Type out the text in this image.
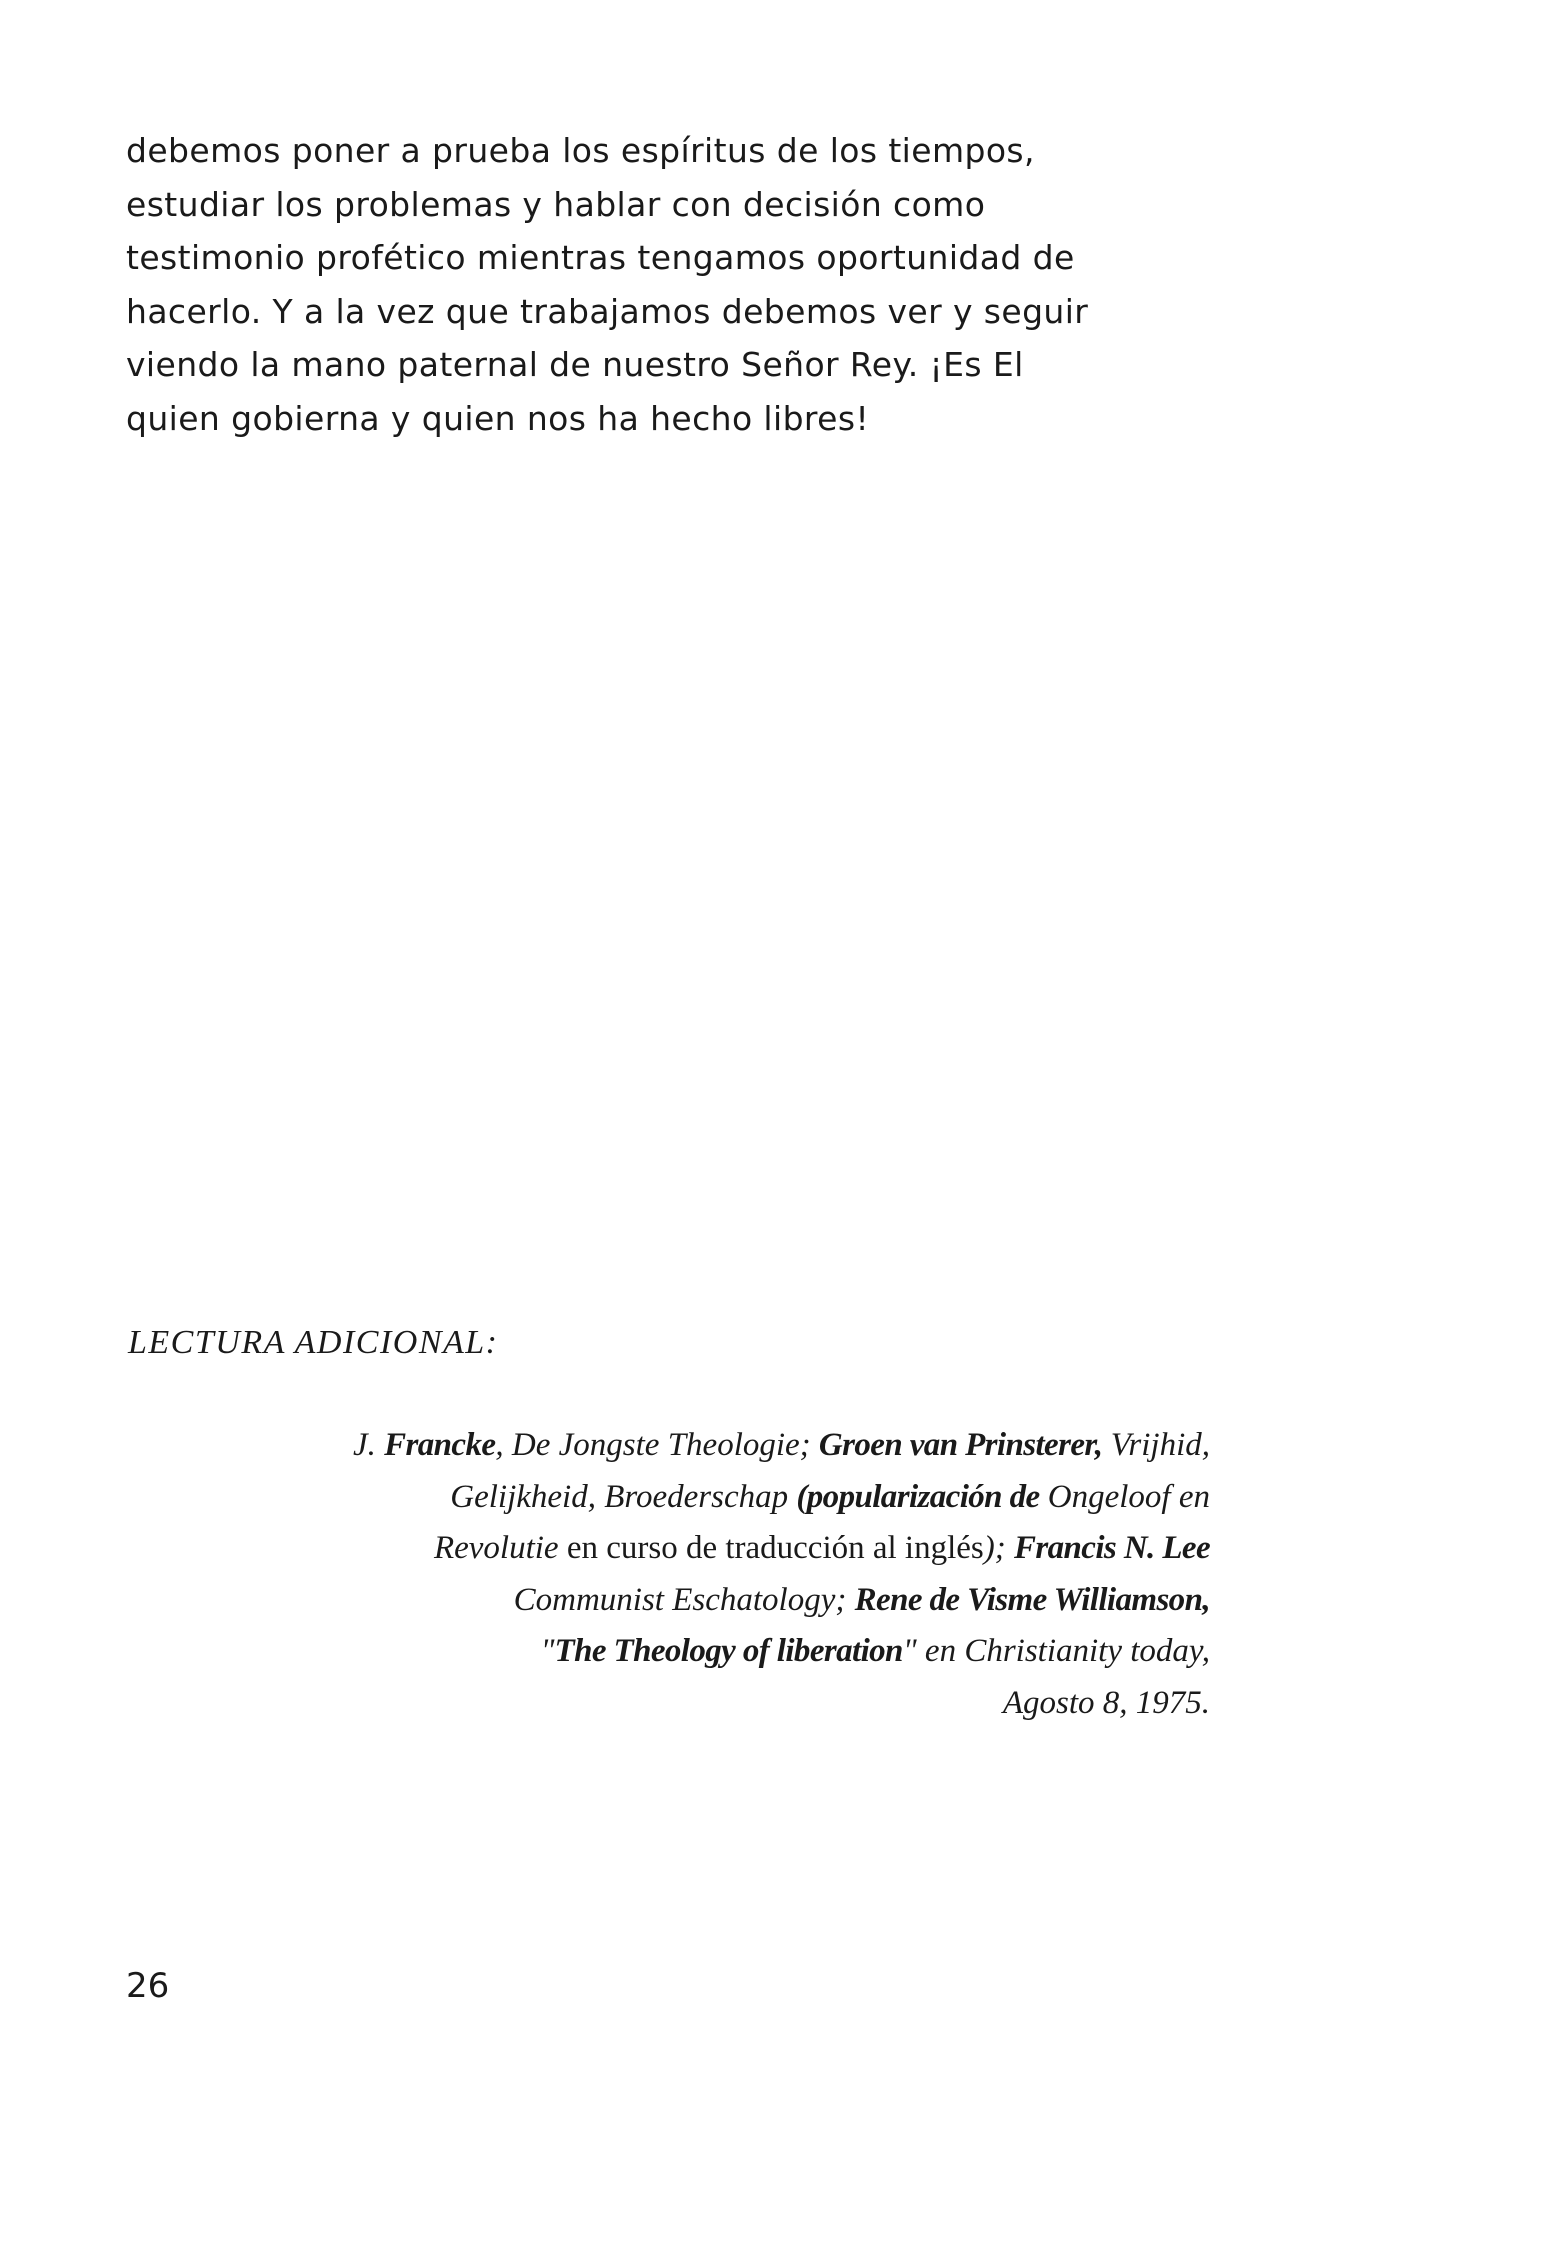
debemos poner a prueba los espíritus de los tiempos,
estudiar los problemas y hablar con decisión como
testimonio profético mientras tengamos oportunidad de
hacerlo. Y a la vez que trabajamos debemos ver y seguir
viendo la mano paternal de nuestro Señor Rey. ¡Es El
quien gobierna y quien nos ha hecho libres!

LECTURA ADICIONAL:

J. Francke, De Jongste Theologie; Groen van Prinsterer, Vrijhid,
Gelijkheid, Broederschap (popularización de Ongeloof en
Revolutie en curso de traducción al inglés); Francis N. Lee
Communist Eschatology; Rene de Visme Williamson,
"The Theology of liberation" en Christianity today,
Agosto 8, 1975.

26
